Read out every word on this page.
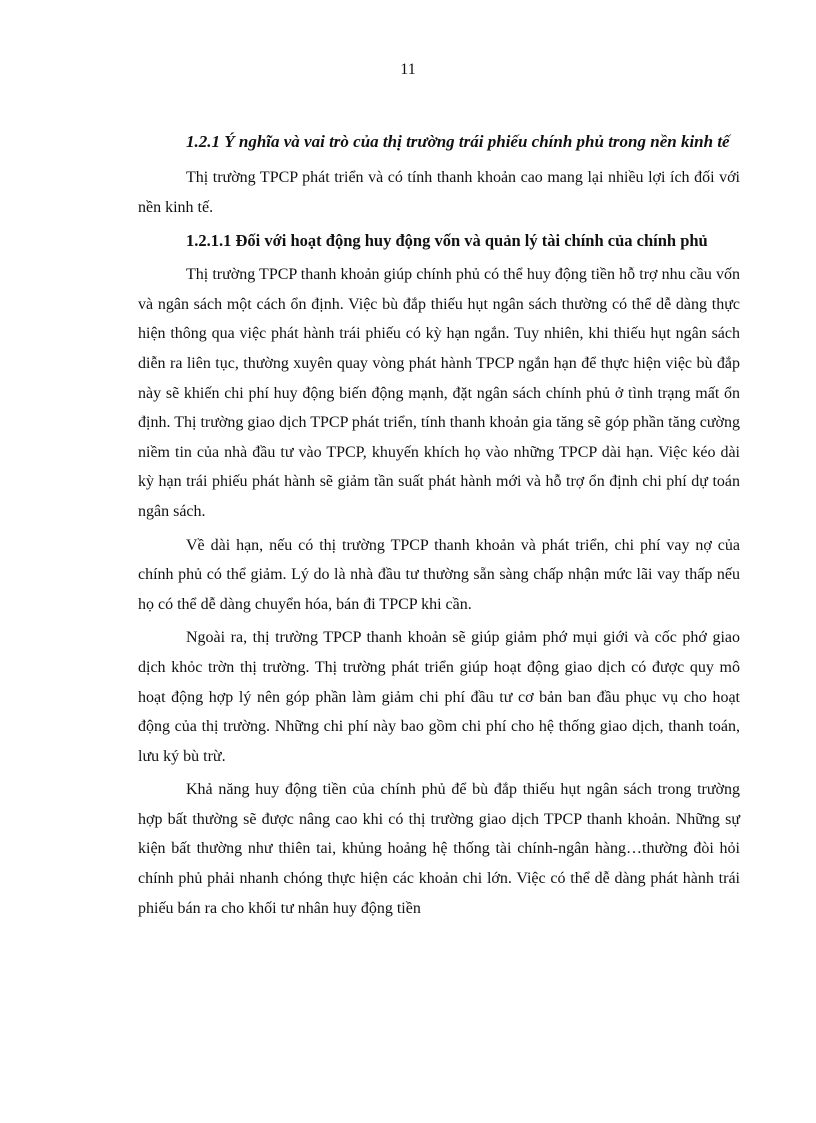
11
1.2.1 Ý nghĩa và vai trò của thị trường trái phiếu chính phủ trong nền kinh tế

Thị trường TPCP phát triển và có tính thanh khoản cao mang lại nhiều lợi ích đối với nền kinh tế.

1.2.1.1 Đối với hoạt động huy động vốn và quản lý tài chính của chính phủ

Thị trường TPCP thanh khoản giúp chính phủ có thể huy động tiền hỗ trợ nhu cầu vốn và ngân sách một cách ổn định. Việc bù đắp thiếu hụt ngân sách thường có thể dễ dàng thực hiện thông qua việc phát hành trái phiếu có kỳ hạn ngắn. Tuy nhiên, khi thiếu hụt ngân sách diễn ra liên tục, thường xuyên quay vòng phát hành TPCP ngắn hạn để thực hiện việc bù đắp này sẽ khiến chi phí huy động biến động mạnh, đặt ngân sách chính phủ ở tình trạng mất ổn định. Thị trường giao dịch TPCP phát triển, tính thanh khoản gia tăng sẽ góp phần tăng cường niềm tin của nhà đầu tư vào TPCP, khuyến khích họ vào những TPCP dài hạn. Việc kéo dài kỳ hạn trái phiếu phát hành sẽ giảm tần suất phát hành mới và hỗ trợ ổn định chi phí dự toán ngân sách.

Về dài hạn, nếu có thị trường TPCP thanh khoản và phát triển, chi phí vay nợ của chính phủ có thể giảm. Lý do là nhà đầu tư thường sẵn sàng chấp nhận mức lãi vay thấp nếu họ có thể dễ dàng chuyển hóa, bán đi TPCP khi cần.

Ngoài ra, thị trường TPCP thanh khoản sẽ giúp giảm phớ mụi giới và cốc phớ giao dịch khỏc trờn thị trường. Thị trường phát triển giúp hoạt động giao dịch có được quy mô hoạt động hợp lý nên góp phần làm giảm chi phí đầu tư cơ bản ban đầu phục vụ cho hoạt động của thị trường. Những chi phí này bao gồm chi phí cho hệ thống giao dịch, thanh toán, lưu ký bù trừ.

Khả năng huy động tiền của chính phủ để bù đắp thiếu hụt ngân sách trong trường hợp bất thường sẽ được nâng cao khi có thị trường giao dịch TPCP thanh khoản. Những sự kiện bất thường như thiên tai, khủng hoảng hệ thống tài chính-ngân hàng…thường đòi hỏi chính phủ phải nhanh chóng thực hiện các khoản chi lớn. Việc có thể dễ dàng phát hành trái phiếu bán ra cho khối tư nhân huy động tiền
